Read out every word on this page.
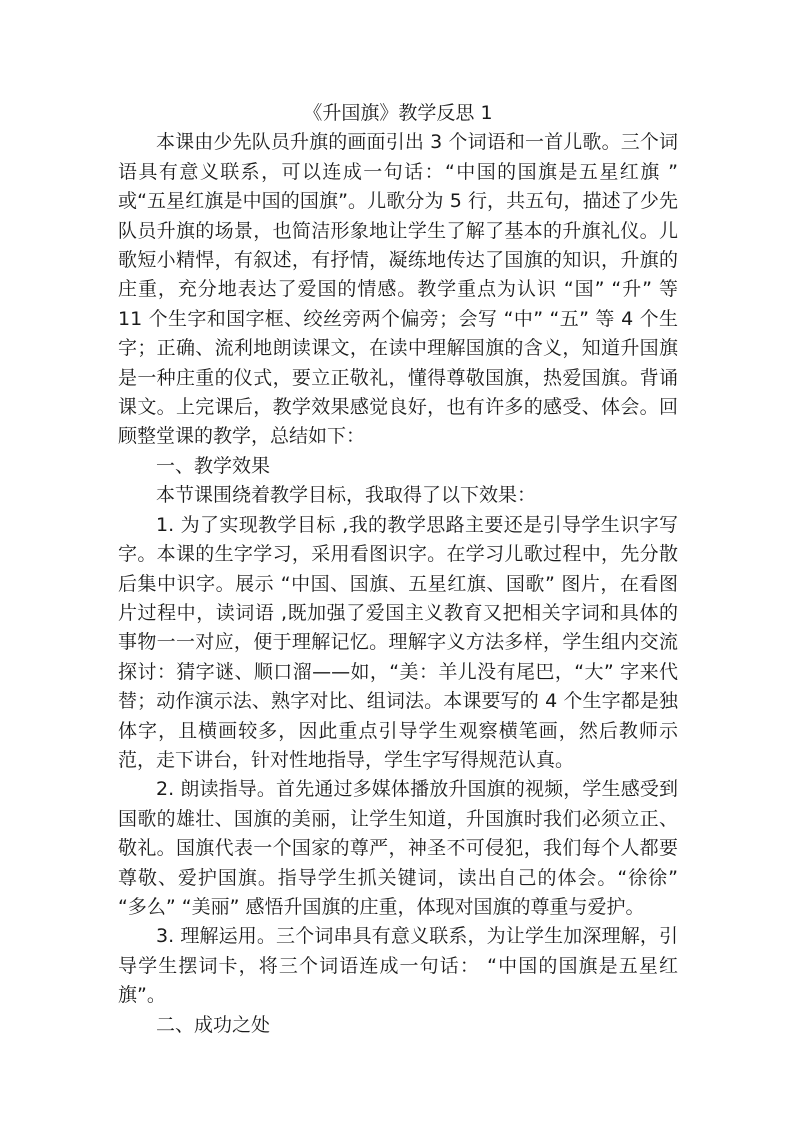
《升国旗》教学反思 1

本课由少先队员升旗的画面引出 3 个词语和一首儿歌。三个词语具有意义联系，可以连成一句话：“中国的国旗是五星红旗 ” 或“五星红旗是中国的国旗”。儿歌分为 5 行，共五句，描述了少先队员升旗的场景，也简洁形象地让学生了解了基本的升旗礼仪。儿歌短小精悍，有叙述，有抒情，凝练地传达了国旗的知识，升旗的庄重，充分地表达了爱国的情感。教学重点为认识 “国” “升” 等 11 个生字和国字框、绞丝旁两个偏旁；会写 “中” “五” 等 4 个生字；正确、流利地朗读课文，在读中理解国旗的含义，知道升国旗是一种庄重的仪式，要立正敬礼，懂得尊敬国旗，热爱国旗。背诵课文。上完课后，教学效果感觉良好，也有许多的感受、体会。回顾整堂课的教学，总结如下：

一、教学效果

本节课围绕着教学目标，我取得了以下效果：

1. 为了实现教学目标 ,我的教学思路主要还是引导学生识字写字。本课的生字学习，采用看图识字。在学习儿歌过程中，先分散后集中识字。展示 “中国、国旗、五星红旗、国歌” 图片，在看图片过程中，读词语 ,既加强了爱国主义教育又把相关字词和具体的事物一一对应，便于理解记忆。理解字义方法多样，学生组内交流探讨：猜字谜、顺口溜——如，“美：羊儿没有尾巴，“大” 字来代替；动作演示法、熟字对比、组词法。本课要写的 4 个生字都是独体字，且横画较多，因此重点引导学生观察横笔画，然后教师示范，走下讲台，针对性地指导，学生字写得规范认真。

2. 朗读指导。首先通过多媒体播放升国旗的视频，学生感受到国歌的雄壮、国旗的美丽，让学生知道，升国旗时我们必须立正、敬礼。国旗代表一个国家的尊严，神圣不可侵犯，我们每个人都要尊敬、爱护国旗。指导学生抓关键词，读出自己的体会。“徐徐” “多么” “美丽” 感悟升国旗的庄重，体现对国旗的尊重与爱护。

3. 理解运用。三个词串具有意义联系，为让学生加深理解，引导学生摆词卡，将三个词语连成一句话： “中国的国旗是五星红旗”。

二、成功之处
